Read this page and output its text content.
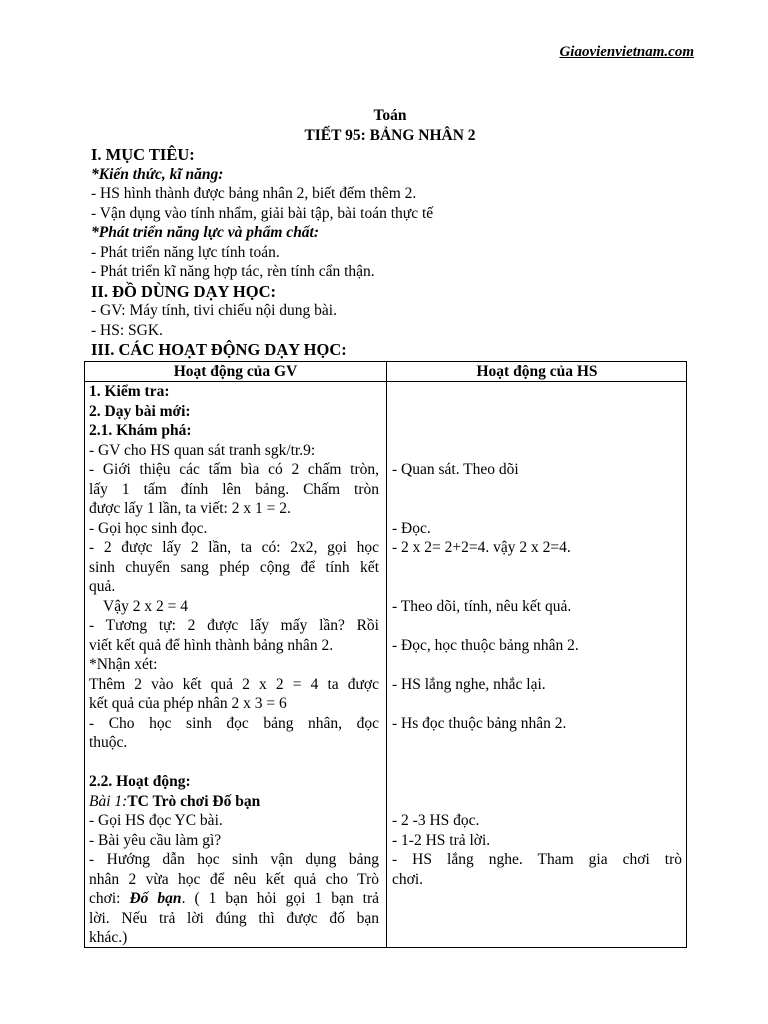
Giaovienvietnam.com
Toán
TIẾT 95: BẢNG NHÂN 2
I. MỤC TIÊU:
*Kiến thức, kĩ năng:
- HS hình thành được bảng nhân 2, biết đếm thêm 2.
- Vận dụng vào tính nhẩm, giải bài tập, bài toán thực tế
*Phát triển năng lực và phẩm chất:
- Phát triển năng lực tính toán.
- Phát triển kĩ năng hợp tác, rèn tính cẩn thận.
II. ĐỒ DÙNG DẠY HỌC:
- GV: Máy tính, tivi chiếu nội dung bài.
- HS: SGK.
III. CÁC HOẠT ĐỘNG DẠY HỌC:
Hoạt động của GV	Hoạt động của HS
1. Kiểm tra:
2. Dạy bài mới:
2.1. Khám phá:
- GV cho HS quan sát tranh sgk/tr.9:
- Giới thiệu các tấm bìa có 2 chấm tròn,
lấy 1 tấm đính lên bảng. Chấm tròn
được lấy 1 lần, ta viết: 2 x 1 = 2.
- Gọi học sinh đọc.
- 2 được lấy 2 lần, ta có: 2x2, gọi học
sinh chuyển sang phép cộng để tính kết
quả.
Vậy 2 x 2 = 4
- Tương tự: 2 được lấy mấy lần? Rồi
viết kết quả để hình thành bảng nhân 2.
*Nhận xét:
Thêm 2 vào kết quả 2 x 2 = 4 ta được
kết quả của phép nhân 2 x 3 = 6
- Cho học sinh đọc bảng nhân, đọc
thuộc.
2.2. Hoạt động:
Bài 1:TC Trò chơi Đố bạn
- Gọi HS đọc YC bài.
- Bài yêu cầu làm gì?
- Hướng dẫn học sinh vận dụng bảng
nhân 2 vừa học để nêu kết quả cho Trò
chơi: Đố bạn. ( 1 bạn hỏi gọi 1 bạn trả
lời. Nếu trả lời đúng thì được đố bạn
khác.)
- Quan sát. Theo dõi
- Đọc.
- 2 x 2= 2+2=4. vậy 2 x 2=4.
- Theo dõi, tính, nêu kết quả.
- Đọc, học thuộc bảng nhân 2.
- HS lắng nghe, nhắc lại.
- Hs đọc thuộc bảng nhân 2.
- 2 -3 HS đọc.
- 1-2 HS trả lời.
- HS lắng nghe. Tham gia chơi trò
chơi.
